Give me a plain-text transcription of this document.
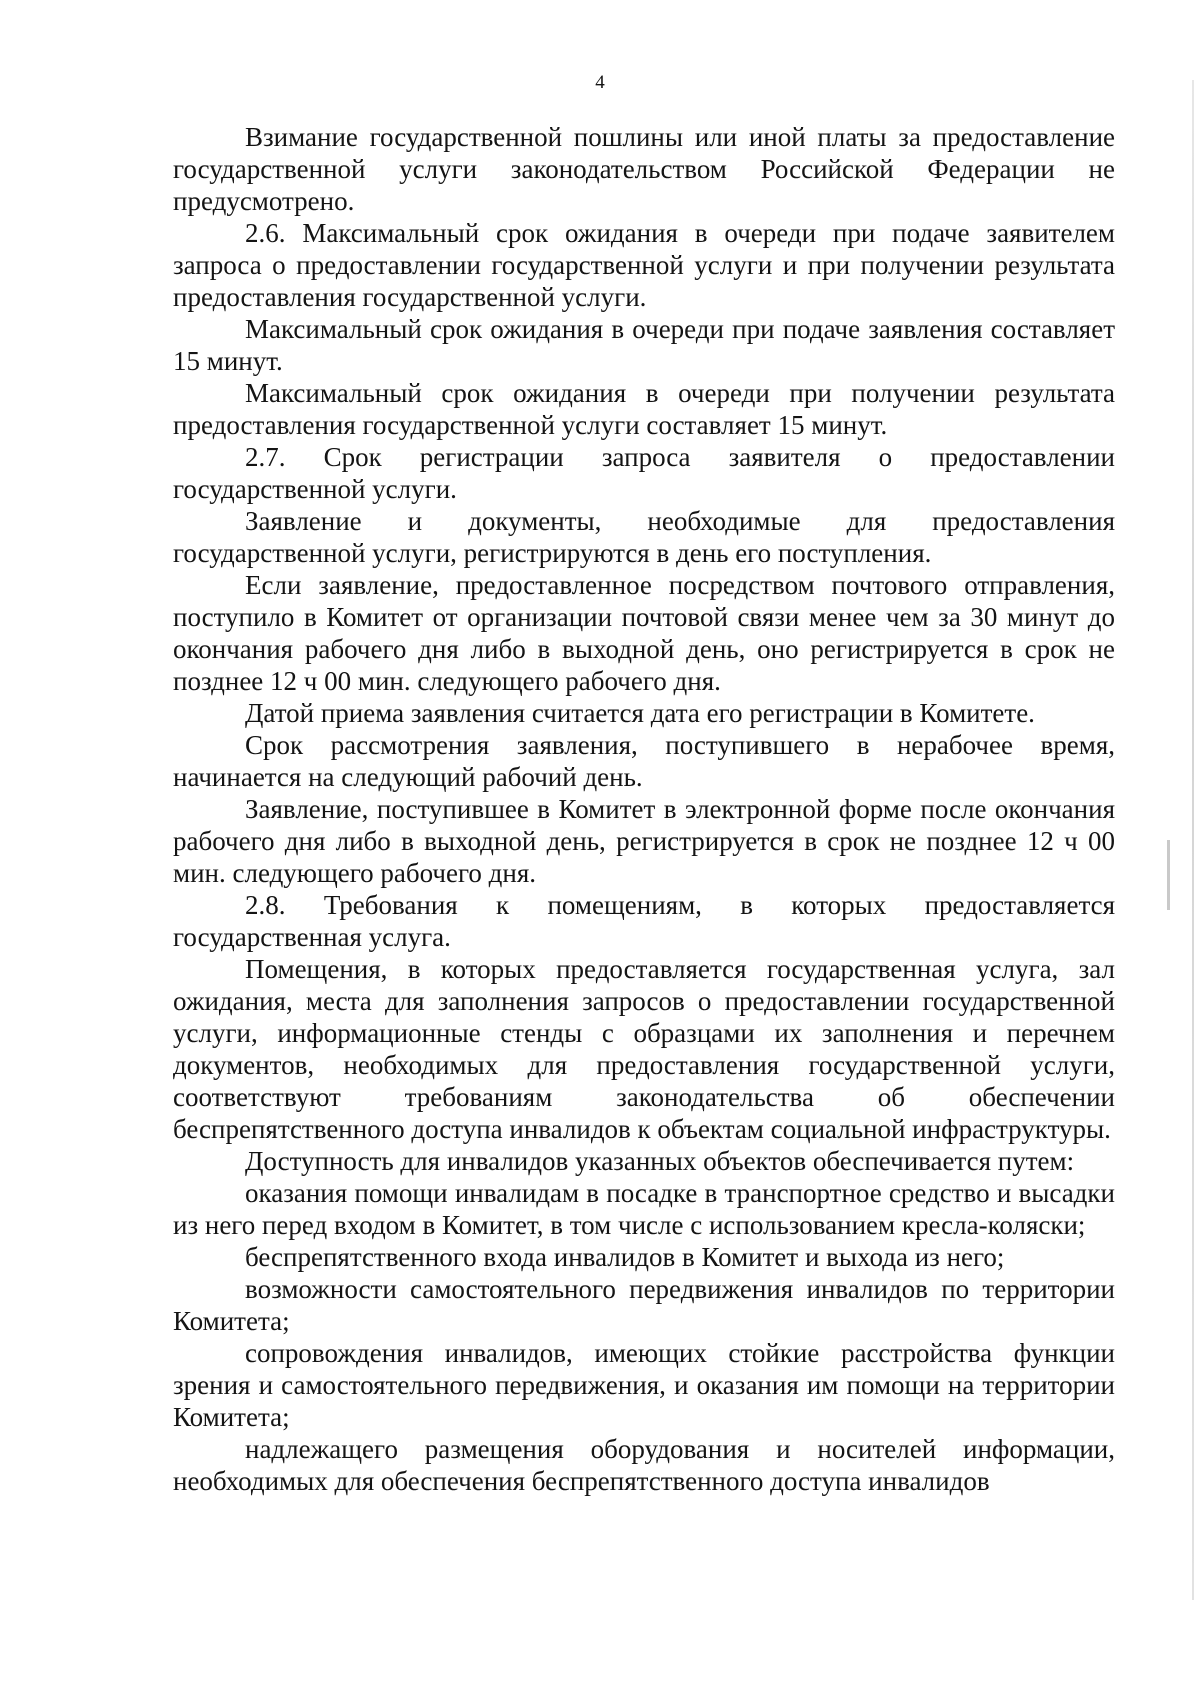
4

Взимание государственной пошлины или иной платы за предоставление государственной услуги законодательством Российской Федерации не предусмотрено.

2.6. Максимальный срок ожидания в очереди при подаче заявителем запроса о предоставлении государственной услуги и при получении результата предоставления государственной услуги.

Максимальный срок ожидания в очереди при подаче заявления составляет 15 минут.

Максимальный срок ожидания в очереди при получении результата предоставления государственной услуги составляет 15 минут.

2.7. Срок регистрации запроса заявителя о предоставлении государственной услуги.

Заявление и документы, необходимые для предоставления государственной услуги, регистрируются в день его поступления.

Если заявление, предоставленное посредством почтового отправления, поступило в Комитет от организации почтовой связи менее чем за 30 минут до окончания рабочего дня либо в выходной день, оно регистрируется в срок не позднее 12 ч 00 мин. следующего рабочего дня.

Датой приема заявления считается дата его регистрации в Комитете.

Срок рассмотрения заявления, поступившего в нерабочее время, начинается на следующий рабочий день.

Заявление, поступившее в Комитет в электронной форме после окончания рабочего дня либо в выходной день, регистрируется в срок не позднее 12 ч 00 мин. следующего рабочего дня.

2.8. Требования к помещениям, в которых предоставляется государственная услуга.

Помещения, в которых предоставляется государственная услуга, зал ожидания, места для заполнения запросов о предоставлении государственной услуги, информационные стенды с образцами их заполнения и перечнем документов, необходимых для предоставления государственной услуги, соответствуют требованиям законодательства об обеспечении беспрепятственного доступа инвалидов к объектам социальной инфраструктуры.

Доступность для инвалидов указанных объектов обеспечивается путем:

оказания помощи инвалидам в посадке в транспортное средство и высадки из него перед входом в Комитет, в том числе с использованием кресла-коляски;

беспрепятственного входа инвалидов в Комитет и выхода из него;

возможности самостоятельного передвижения инвалидов по территории Комитета;

сопровождения инвалидов, имеющих стойкие расстройства функции зрения и самостоятельного передвижения, и оказания им помощи на территории Комитета;

надлежащего размещения оборудования и носителей информации, необходимых для обеспечения беспрепятственного доступа инвалидов
